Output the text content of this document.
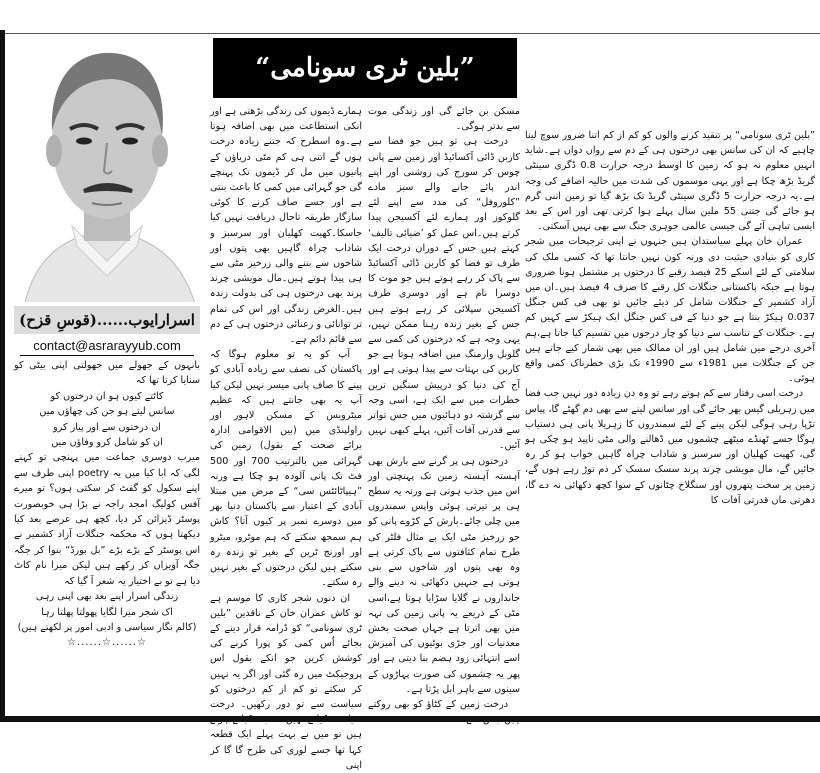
اسرارایوب......(قوسِ قزح)
contact@asrarayyub.com

بانہوں کے جھولے میں جھولتی اپنی بیٹی کو سنایا کرتا تھا کہ

کاٹتے کیوں ہو ان درختوں کو

سانس لیتے ہو جن کی چھاؤں میں

ان درختوں سے اور پیار کرو

ان کو شامل کرو وفاؤں میں

میرب دوسری جماعت میں پہنچی تو کہنے لگی کہ ابا کیا میں یہ poetry اپنی طرف سے اپنے سکول کو گفٹ کر سکتی ہوں؟ تو میرے آفس کولیگ امجد راجہ نے بڑا ہی خوبصورت پوسٹر ڈیزائن کر دیا، کچھ ہی عرصے بعد کیا دیکھتا ہوں کہ محکمہ جنگلات آزاد کشمیر نے اس پوسٹر کے بڑے بڑے ”بل بورڈ“ بنوا کر جگہ جگہ آویزاں کر رکھے ہیں لیکن میرا نام کاٹ دیا ہے تو بے اختیار یہ شعر آ گیا کہ

زندگی اسرار اپنے بعد بھی اپنی رہی

اک شجر میرا لگایا پھولتا پھلتا رہا

(کالم نگار سیاسی و ادبی امور پر لکھتے ہیں)

☆......☆......☆

”بلین ٹری سونامی“

”بلین ٹری سونامی“ پر تنقید کرنے والوں کو کم از کم اتنا ضرور سوچ لینا چاہیے کہ ان کی سانس بھی درختوں ہی کے دم سے رواں دواں ہے۔شاید انہیں معلوم نہ ہو کہ زمین کا اوسط درجہ حرارت 0.8 ڈگری سینٹی گریڈ بڑھ چکا ہے اور یہی موسموں کی شدت میں حالیہ اضافے کی وجہ ہے۔یہ درجہ حرارت 5 ڈگری سینٹی گریڈ تک بڑھ گیا تو زمین اتنی گرم ہو جائے گی جتنی 55 ملین سال پہلے ہوا کرتی تھی اور اس کے بعد ایسی تباہی آئے گی جیسی عالمی جوہری جنگ سے بھی نہیں آسکتی۔

عمران خان پہلے سیاستدان ہیں جنہوں نے اپنی ترجیحات میں شجر کاری کو بنیادی حیثیت دی ورنہ کون نہیں جانتا تھا کہ کسی ملک کی سلامتی کے لئے اسکے 25 فیصد رقبے کا درختوں پر مشتمل ہونا ضروری ہوتا ہے جبکہ پاکستانی جنگلات کل رقبے کا صرف 4 فیصد ہیں۔ان میں آزاد کشمیر کے جنگلات شامل کر دیئے جائیں تو بھی فی کس جنگل 0.037 ہیکڑ بنتا ہے جو دنیا کے فی کس جنگل ایک ہیکڑ سے کہیں کم ہے۔ جنگلات کے تناسب سے دنیا کو چار درجوں میں تقسیم کیا جاتا ہے،ہم آخری درجے میں شامل ہیں اور ان ممالک میں بھی شمار کیے جاتے ہیں جن کے جنگلات میں 1981ء سے 1990ء تک بڑی خطرناک کمی واقع ہوئی۔

درخت اسی رفتار سے کم ہوتے رہے تو وہ دن زیادہ دور نہیں جب فضا میں زہریلی گیس بھر جائے گی اور سانس لینے سے بھی دم گھٹے گا، پیاس تڑپا رہی ہوگی لیکن پینے کے لئے سمندروں کا زہریلا پانی ہی دستیاب ہوگا جسے ٹھنڈے میٹھے چشموں میں ڈھالنے والی مٹی ناپید ہو چکی ہو گی، کھیت کھلیان اور سرسبز و شاداب چراہ گاہیں خواب ہو کر رہ جائیں گے، مال مویشی چرند پرند سسک سسک کر دم توڑ رہے ہوں گے، زمین پر سخت پتھروں اور سنگلاخ چٹانوں کے سوا کچھ دکھائی نہ دے گا، دھرتی ماں قدرتی آفات کا

مسکن بن جائے گی اور زندگی موت سے بدتر ہوگی۔

درخت ہی تو ہیں جو فضا سے کاربن ڈائی آکسائیڈ اور زمین سے پانی چوس کر سورج کی روشنی اور اپنے اندر پائے جانے والے سبز مادے ”کلوروفل“ کی مدد سے اپنے لئے گلوکوز اور ہمارے لئے آکسیجن پیدا کرتے ہیں۔اس عمل کو ’ضیائی تالیف‘ کہتے ہیں جس کے دوران درخت ایک طرف تو فضا کو کاربن ڈائی آکسائیڈ سے پاک کر رہے ہوتے ہیں جو موت کا دوسرا نام ہے اور دوسری طرف آکسیجن سپلائی کر رہے ہوتے ہیں جس کے بغیر زندہ رہنا ممکن نہیں، یہی وجہ ہے کہ درختوں کی کمی سے گلوبل وارمنگ میں اضافہ ہوتا ہے جو کاربن کی بہتات سے پیدا ہوتی ہے اور آج کی دنیا کو درپیش سنگین ترین خطرات میں سے ایک ہے، اسی وجہ سے گزشتہ دو دہائیوں میں جس تواتر سے قدرتی آفات آئیں، پہلے کبھی نہیں آئیں۔

درختوں ہی پر گرنے سے بارش بھی آہستہ آہستہ زمین تک پہنچتی اور اس میں جذب ہوتی ہے ورنہ یہ سطح ہی پر تیرتی ہوئی واپس سمندروں میں چلی جائے۔بارش کے کڑوے پانی کو جو زرخیز مٹی ایک بے مثال فلٹر کی طرح تمام کثافتوں سے پاک کرتی ہے وہ بھی پتوں اور شاخوں سے بنی ہوتی ہے جنہیں دکھائی نہ دینے والے جانداروں نے گلایا سڑایا ہوتا ہے،اسی مٹی کے ذریعے یہ پانی زمین کی تہہ میں بھی اترتا ہے جہاں صحت بخش معدنیات اور جڑی بوٹیوں کی آمیزش اسے انتہائی زود ہضم بنا دیتی ہے اور پھر یہ چشموں کی صورت پہاڑوں کے سینوں سے باہر ابل پڑتا ہے۔

درخت زمین کے کٹاؤ کو بھی روکتے ہیں جس سے

ہمارے ڈیموں کی زندگی بڑھتی ہے اور انکی استطاعت میں بھی اضافہ ہوتا ہے۔وہ اسطرح کہ جتنے زیادہ درخت ہوں گے اتنی ہی کم مٹی دریاؤں کے پانیوں میں مل کر ڈیموں تک پہنچے گی جو گہرائی میں کمی کا باعث بنتی ہے اور جسے صاف کرنے کا کوئی سازگار طریقہ تاحال دریافت نہیں کیا جاسکا۔کھیت کھلیان اور سرسبز و شاداب چراہ گاہیں بھی پتوں اور شاخوں سے بننے والی زرخیز مٹی سے ہی پیدا ہوتے ہیں۔مال مویشی چرند پرند بھی درختوں ہی کی بدولت زندہ ہیں۔الغرض زندگی اور اس کی تمام تر توانائی و رعنائی درختوں ہی کے دم سے قائم دائم ہے۔

آپ کو یہ تو معلوم ہوگا کہ پاکستان کی نصف سے زیادہ آبادی کو پینے کا صاف پانی میسر نہیں لیکن کیا آپ یہ بھی جانتے ہیں کہ عظیم میٹروبس کے مسکن لاہور اور راولپنڈی میں (بین الاقوامی ادارہ برائے صحت کے بقول) زمین کی گہرائی میں بالترتیب 700 اور 500 فٹ تک پانی آلودہ ہو چکا ہے ورنہ ”ہیپاٹائٹس سی“ کے مرض میں مبتلا آبادی کے اعتبار سے پاکستان دنیا بھر میں دوسرے نمبر پر کیوں آتا؟ کاش ہم سمجھ سکتے کہ ہم موٹرو، میٹرو اور اورنج ٹرین کے بغیر تو زندہ رہ سکتے ہیں لیکن درختوں کے بغیر نہیں رہ سکتے۔

ان دنوں شجر کاری کا موسم ہے تو کاش عمران خان کے ناقدین ”بلین ٹری سونامی“ کو ڈرامہ قرار دینے کے بجائے اُس کمی کو پورا کرنے کی کوشش کریں جو انکے بقول اس پروجیکٹ میں رہ گئی اور اگر یہ نہیں کر سکتے تو کم از کم درختوں کو سیاست سے تو دور رکھیں۔ درخت سیاست کیلئے نہیں، محبت کیلئے ہوتے ہیں تو میں نے بہت پہلے ایک قطعہ کہا تھا جسے لوری کی طرح گا گا کر اپنی
